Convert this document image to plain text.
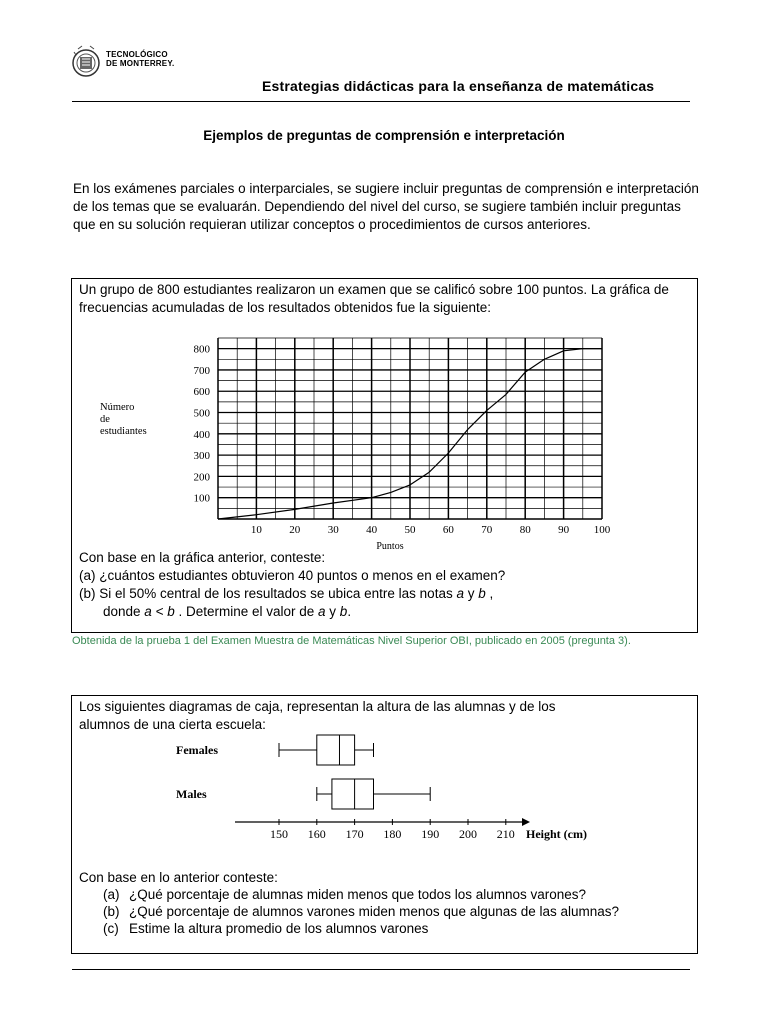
TECNOLÓGICO
DE MONTERREY.
Estrategias didácticas para la enseñanza de matemáticas
Ejemplos de preguntas de comprensión e interpretación
En los exámenes parciales o interparciales, se sugiere incluir preguntas de comprensión e interpretación de los temas que se evaluarán. Dependiendo del nivel del curso, se sugiere también incluir preguntas que en su solución requieran utilizar conceptos o procedimientos de cursos anteriores.
Un grupo de 800 estudiantes realizaron un examen que se calificó sobre 100 puntos. La gráfica de frecuencias acumuladas de los resultados obtenidos fue la siguiente:
10 20 30 40 50 60 70 80 90 100
100
200
300
400
500
600
700
800
Puntos
Número
de
estudiantes
Con base en la gráfica anterior, conteste:
(a) ¿cuántos estudiantes obtuvieron 40 puntos o menos en el examen?
(b) Si el 50% central de los resultados se ubica entre las notas a y b ,
donde a < b . Determine el valor de a y b.
Obtenida de la prueba 1 del Examen Muestra de Matemáticas Nivel Superior OBI, publicado en 2005 (pregunta 3).
Los siguientes diagramas de caja, representan la altura de las alumnas y de los alumnos de una cierta escuela:
150 160 170 180 190 200 210 Height (cm)
Females
Males
Con base en lo anterior conteste:
(a) ¿Qué porcentaje de alumnas miden menos que todos los alumnos varones?
(b) ¿Qué porcentaje de alumnos varones miden menos que algunas de las alumnas?
(c) Estime la altura promedio de los alumnos varones
